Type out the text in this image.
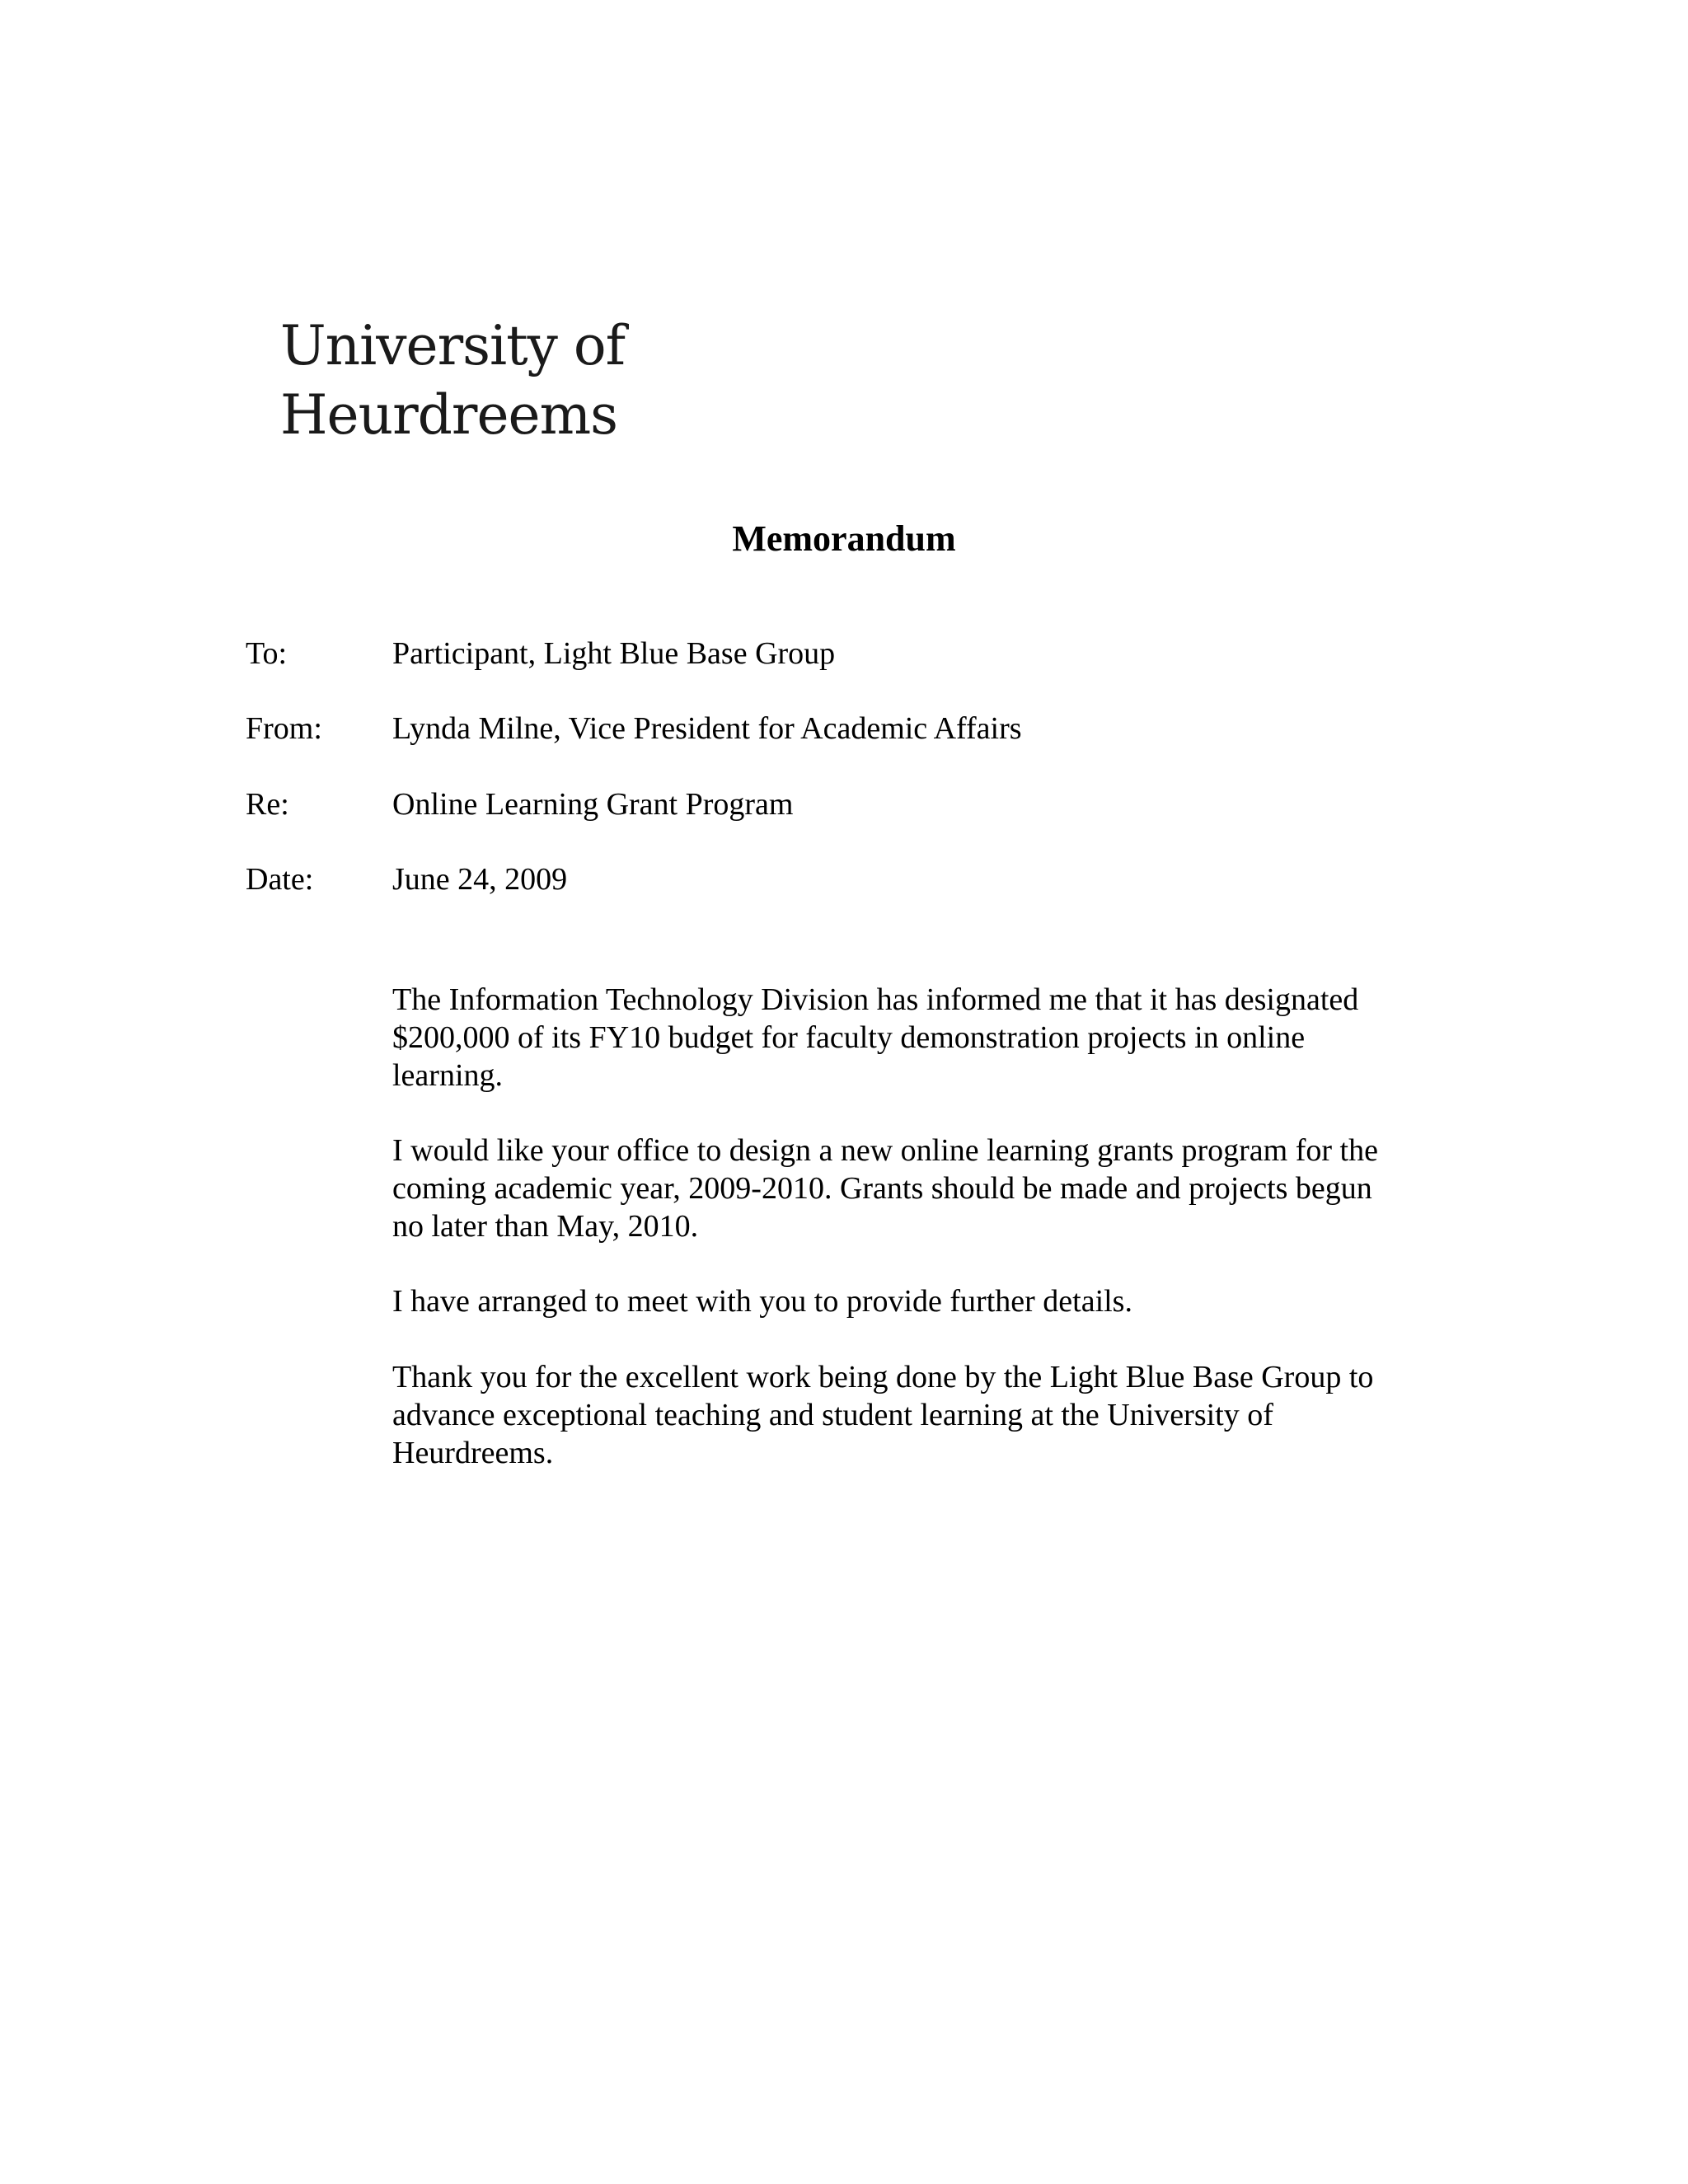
University of
Heurdreems
Memorandum
To:	Participant, Light Blue Base Group
From: Lynda Milne, Vice President for Academic Affairs
Re:	Online Learning Grant Program
Date:	June 24, 2009
The Information Technology Division has informed me that it has designated
$200,000 of its FY10 budget for faculty demonstration projects in online
learning.
I would like your office to design a new online learning grants program for the
coming academic year, 2009-2010. Grants should be made and projects begun
no later than May, 2010.
I have arranged to meet with you to provide further details.
Thank you for the excellent work being done by the Light Blue Base Group to
advance exceptional teaching and student learning at the University of
Heurdreems.
